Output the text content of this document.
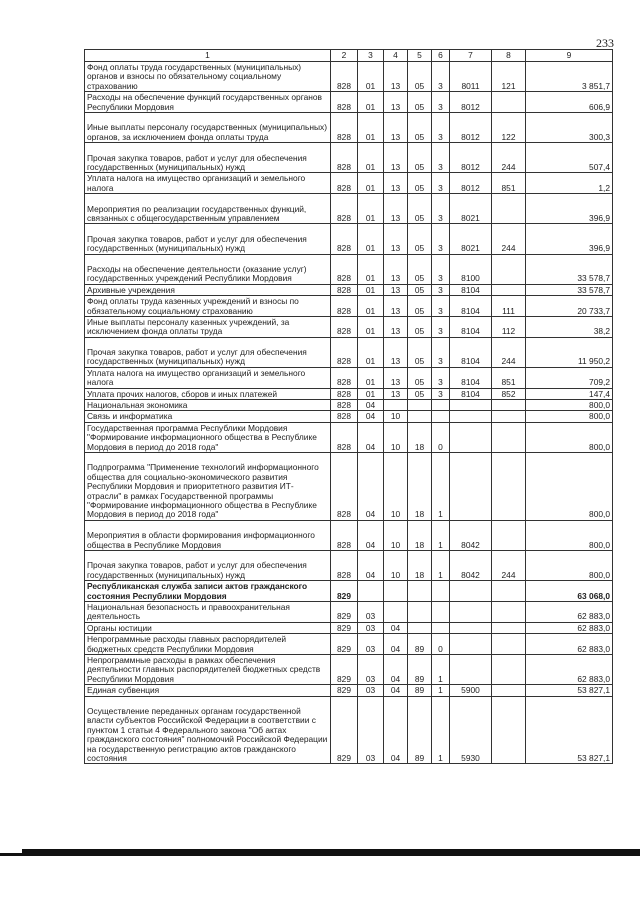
233
1	2	3	4	5	6	7	8	9
Фонд оплаты труда государственных (муниципальных) органов и взносы по обязательному социальному страхованию	828	01	13	05	3	8011	121	3 851,7
Расходы на обеспечение функций государственных органов Республики Мордовия	828	01	13	05	3	8012		606,9
Иные выплаты персоналу государственных (муниципальных) органов, за исключением фонда оплаты труда	828	01	13	05	3	8012	122	300,3
Прочая закупка товаров, работ и услуг для обеспечения государственных (муниципальных) нужд	828	01	13	05	3	8012	244	507,4
Уплата налога на имущество организаций и земельного налога	828	01	13	05	3	8012	851	1,2
Мероприятия по реализации государственных функций, связанных с общегосударственным управлением	828	01	13	05	3	8021		396,9
Прочая закупка товаров, работ и услуг для обеспечения государственных (муниципальных) нужд	828	01	13	05	3	8021	244	396,9
Расходы на обеспечение деятельности (оказание услуг) государственных учреждений Республики Мордовия	828	01	13	05	3	8100		33 578,7
Архивные учреждения	828	01	13	05	3	8104		33 578,7
Фонд оплаты труда казенных учреждений и взносы по обязательному социальному страхованию	828	01	13	05	3	8104	111	20 733,7
Иные выплаты персоналу казенных учреждений, за исключением фонда оплаты труда	828	01	13	05	3	8104	112	38,2
Прочая закупка товаров, работ и услуг для обеспечения государственных (муниципальных) нужд	828	01	13	05	3	8104	244	11 950,2
Уплата налога на имущество организаций и земельного налога	828	01	13	05	3	8104	851	709,2
Уплата прочих налогов, сборов и иных платежей	828	01	13	05	3	8104	852	147,4
Национальная экономика	828	04						800,0
Связь и информатика	828	04	10					800,0
Государственная программа Республики Мордовия "Формирование информационного общества в Республике Мордовия в период до 2018 года"	828	04	10	18	0			800,0
Подпрограмма "Применение технологий информационного общества для социально-экономического развития Республики Мордовия и приоритетного развития ИТ-отрасли" в рамках Государственной программы "Формирование информационного общества в Республике Мордовия в период до 2018 года"	828	04	10	18	1			800,0
Мероприятия в области формирования информационного общества в Республике Мордовия	828	04	10	18	1	8042		800,0
Прочая закупка товаров, работ и услуг для обеспечения государственных (муниципальных) нужд	828	04	10	18	1	8042	244	800,0
Республиканская служба записи актов гражданского состояния Республики Мордовия	829							63 068,0
Национальная безопасность и правоохранительная деятельность	829	03						62 883,0
Органы юстиции	829	03	04					62 883,0
Непрограммные расходы главных распорядителей бюджетных средств Республики Мордовия	829	03	04	89	0			62 883,0
Непрограммные расходы в рамках обеспечения деятельности главных распорядителей бюджетных средств Республики Мордовия	829	03	04	89	1			62 883,0
Единая субвенция	829	03	04	89	1	5900		53 827,1
Осуществление переданных органам государственной власти субъектов Российской Федерации в соответствии с пунктом 1 статьи 4 Федерального закона "Об актах гражданского состояния" полномочий Российской Федерации на государственную регистрацию актов гражданского состояния	829	03	04	89	1	5930		53 827,1
